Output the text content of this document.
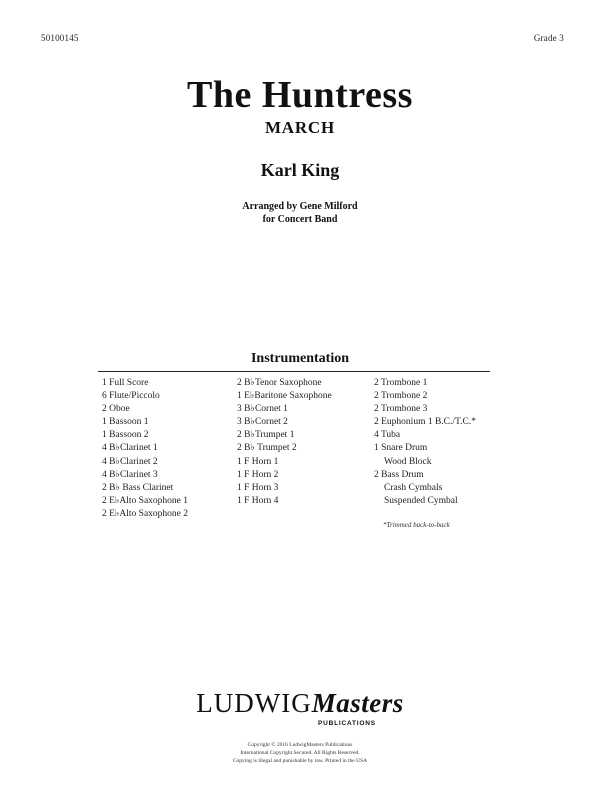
50100145	Grade 3
The Huntress
MARCH
Karl King
Arranged by Gene Milford
for Concert Band
Instrumentation
1 Full Score
6 Flute/Piccolo
2 Oboe
1 Bassoon 1
1 Bassoon 2
4 B♭Clarinet 1
4 B♭Clarinet 2
4 B♭Clarinet 3
2 B♭ Bass Clarinet
2 E♭Alto Saxophone 1
2 E♭Alto Saxophone 2
2 B♭Tenor Saxophone
1 E♭Baritone Saxophone
3 B♭Cornet 1
3 B♭Cornet 2
2 B♭Trumpet 1
2 B♭ Trumpet 2
1 F Horn 1
1 F Horn 2
1 F Horn 3
1 F Horn 4
2 Trombone 1
2 Trombone 2
2 Trombone 3
2 Euphonium 1 B.C./T.C.*
4 Tuba
1 Snare Drum
Wood Block
2 Bass Drum
Crash Cymbals
Suspended Cymbal
*Trimmed back-to-back
LUDWIGMasters
PUBLICATIONS
Copyright © 2016 LudwigMasters Publications
International Copyright Secured. All Rights Reserved.
Copying is illegal and punishable by law. Printed in the USA
